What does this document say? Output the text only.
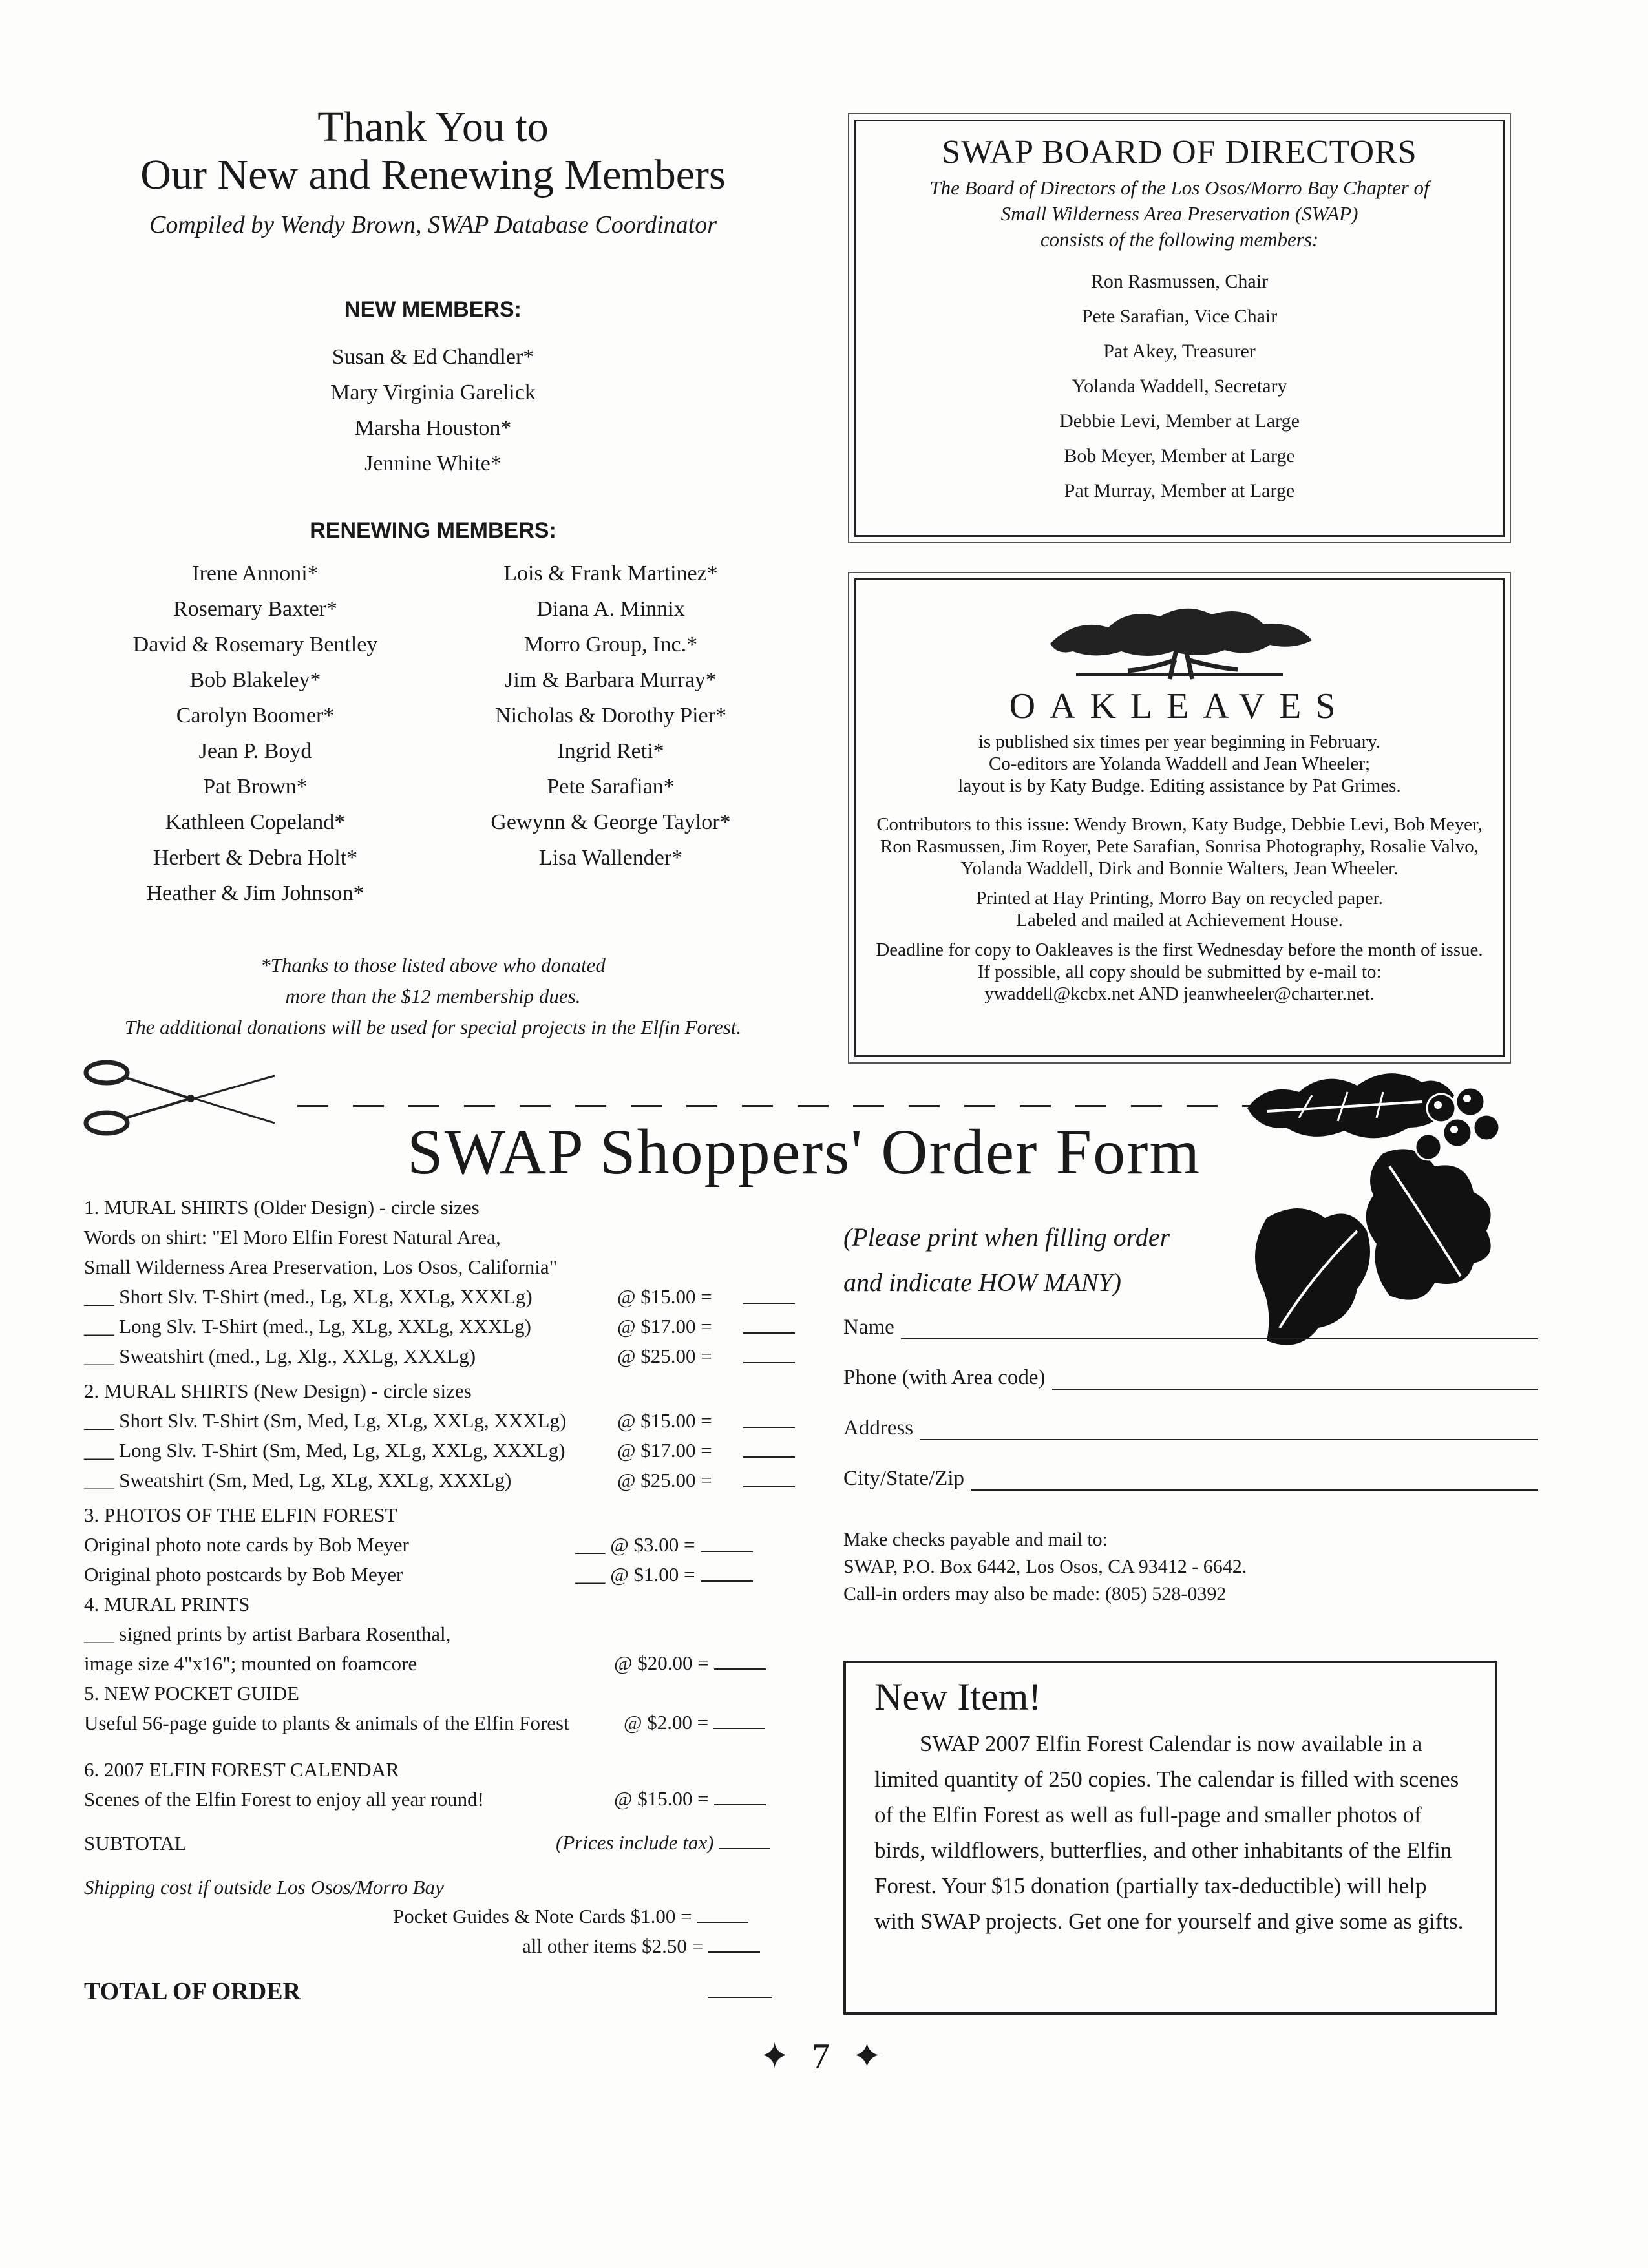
Thank You to
Our New and Renewing Members
Compiled by Wendy Brown, SWAP Database Coordinator
NEW MEMBERS:
Susan & Ed Chandler*
Mary Virginia Garelick
Marsha Houston*
Jennine White*
RENEWING MEMBERS:
Irene Annoni*
Rosemary Baxter*
David & Rosemary Bentley
Bob Blakeley*
Carolyn Boomer*
Jean P. Boyd
Pat Brown*
Kathleen Copeland*
Herbert & Debra Holt*
Heather & Jim Johnson*
Lois & Frank Martinez*
Diana A. Minnix
Morro Group, Inc.*
Jim & Barbara Murray*
Nicholas & Dorothy Pier*
Ingrid Reti*
Pete Sarafian*
Gewynn & George Taylor*
Lisa Wallender*
*Thanks to those listed above who donated
more than the $12 membership dues.
The additional donations will be used for special projects in the Elfin Forest.
SWAP BOARD OF DIRECTORS
The Board of Directors of the Los Osos/Morro Bay Chapter of
Small Wilderness Area Preservation (SWAP)
consists of the following members:
Ron Rasmussen, Chair
Pete Sarafian, Vice Chair
Pat Akey, Treasurer
Yolanda Waddell, Secretary
Debbie Levi, Member at Large
Bob Meyer, Member at Large
Pat Murray, Member at Large
OAKLEAVES
is published six times per year beginning in February.
Co-editors are Yolanda Waddell and Jean Wheeler;
layout is by Katy Budge. Editing assistance by Pat Grimes.
Contributors to this issue: Wendy Brown, Katy Budge, Debbie Levi, Bob Meyer,
Ron Rasmussen, Jim Royer, Pete Sarafian, Sonrisa Photography, Rosalie Valvo,
Yolanda Waddell, Dirk and Bonnie Walters, Jean Wheeler.
Printed at Hay Printing, Morro Bay on recycled paper.
Labeled and mailed at Achievement House.
Deadline for copy to Oakleaves is the first Wednesday before the month of issue.
If possible, all copy should be submitted by e-mail to:
ywaddell@kcbx.net AND jeanwheeler@charter.net.
SWAP Shoppers' Order Form
1. MURAL SHIRTS (Older Design) - circle sizes
Words on shirt: "El Moro Elfin Forest Natural Area,
Small Wilderness Area Preservation, Los Osos, California"
___ Short Slv. T-Shirt (med., Lg, XLg, XXLg, XXXLg)	@ $15.00 =
___ Long Slv. T-Shirt (med., Lg, XLg, XXLg, XXXLg)	@ $17.00 =
___ Sweatshirt (med., Lg, Xlg., XXLg, XXXLg)	@ $25.00 =
2. MURAL SHIRTS (New Design) - circle sizes
___ Short Slv. T-Shirt (Sm, Med, Lg, XLg, XXLg, XXXLg)	@ $15.00 =
___ Long Slv. T-Shirt (Sm, Med, Lg, XLg, XXLg, XXXLg)	@ $17.00 =
___ Sweatshirt (Sm, Med, Lg, XLg, XXLg, XXXLg)	@ $25.00 =
3. PHOTOS OF THE ELFIN FOREST
Original photo note cards by Bob Meyer	___ @ $3.00 =
Original photo postcards by Bob Meyer	___ @ $1.00 =
4. MURAL PRINTS
___ signed prints by artist Barbara Rosenthal,
image size 4"x16"; mounted on foamcore	@ $20.00 =
5. NEW POCKET GUIDE
Useful 56-page guide to plants & animals of the Elfin Forest	@ $2.00 =
6. 2007 ELFIN FOREST CALENDAR
Scenes of the Elfin Forest to enjoy all year round!	@ $15.00 =
SUBTOTAL	(Prices include tax)
Shipping cost if outside Los Osos/Morro Bay
Pocket Guides & Note Cards $1.00 =
all other items $2.50 =
TOTAL OF ORDER
(Please print when filling order
and indicate HOW MANY)
Name
Phone (with Area code)
Address
City/State/Zip
Make checks payable and mail to:
SWAP, P.O. Box 6442, Los Osos, CA 93412 - 6642.
Call-in orders may also be made: (805) 528-0392
New Item!
SWAP 2007 Elfin Forest Calendar is now available in a limited quantity of 250 copies. The calendar is filled with scenes of the Elfin Forest as well as full-page and smaller photos of birds, wildflowers, butterflies, and other inhabitants of the Elfin Forest. Your $15 donation (partially tax-deductible) will help with SWAP projects. Get one for yourself and give some as gifts.
✦ 7 ✦
